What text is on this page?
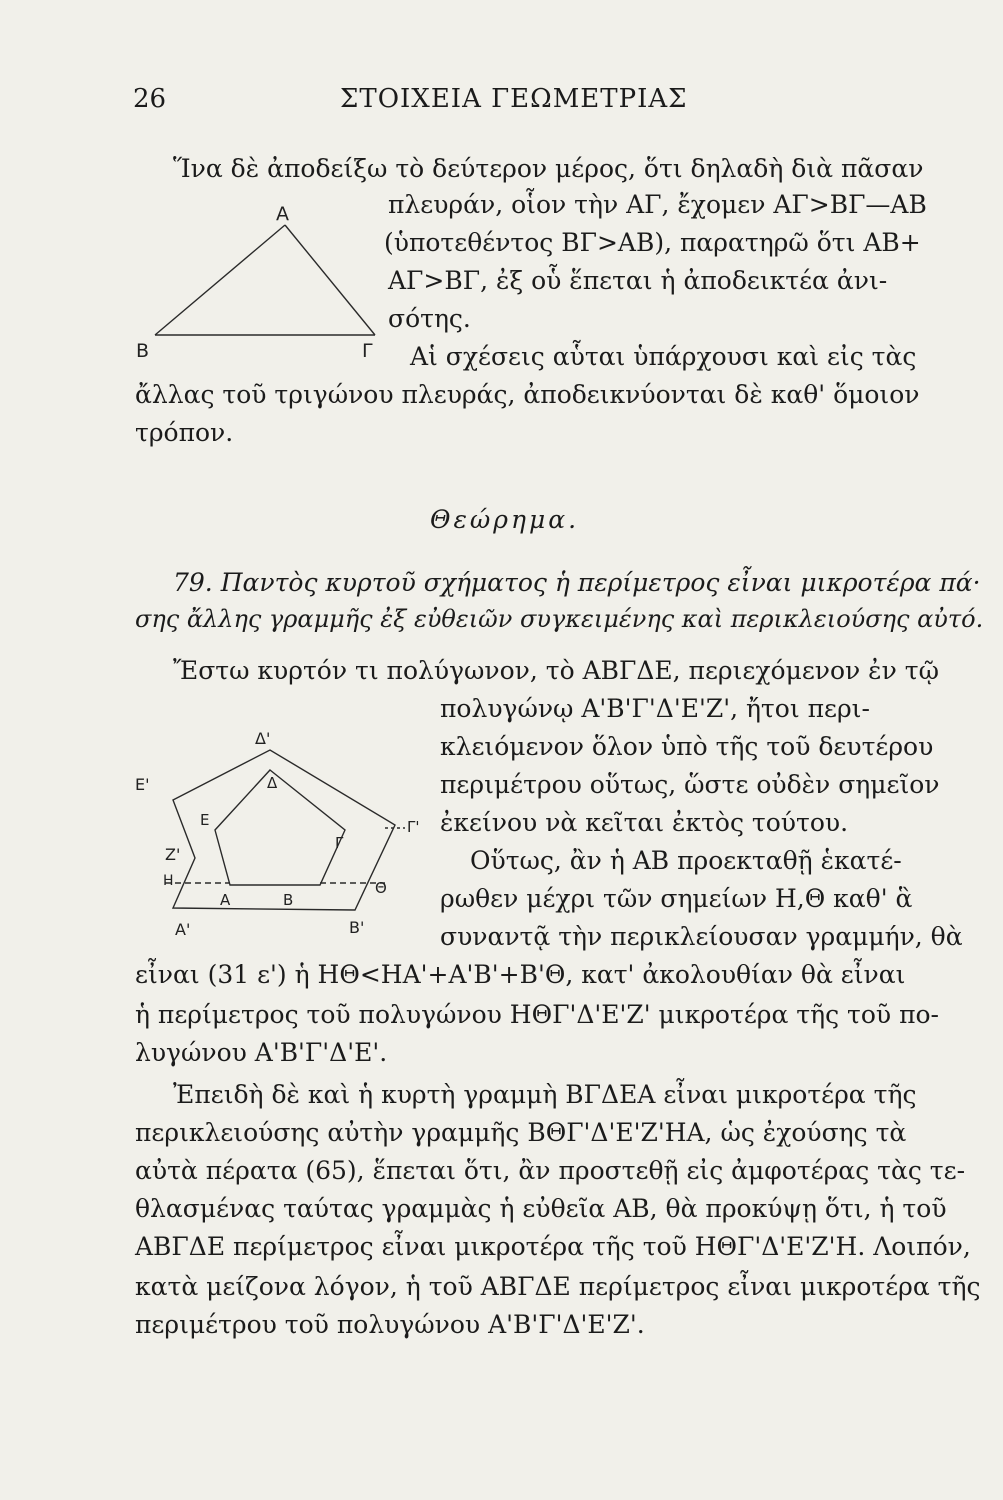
26	ΣΤΟΙΧΕΙΑ ΓΕΩΜΕΤΡΙΑΣ
Ἵνα δὲ ἀποδείξω τὸ δεύτερον μέρος, ὅτι δηλαδὴ διὰ πᾶσαν
πλευράν, οἷον τὴν ΑΓ, ἔχομεν ΑΓ>ΒΓ—ΑΒ
(ὑποτεθέντος ΒΓ>ΑΒ), παρατηρῶ ὅτι ΑΒ+
ΑΓ>ΒΓ, ἐξ οὗ ἕπεται ἡ ἀποδεικτέα ἀνι-
σότης.
Αἱ σχέσεις αὗται ὑπάρχουσι καὶ εἰς τὰς
ἄλλας τοῦ τριγώνου πλευράς, ἀποδεικνύονται δὲ καθ' ὅμοιον
τρόπον.
Θεώρημα.
79. Παντὸς κυρτοῦ σχήματος ἡ περίμετρος εἶναι μικροτέρα πά·
σης ἄλλης γραμμῆς ἐξ εὐθειῶν συγκειμένης καὶ περικλειούσης αὐτό.
Ἔστω κυρτόν τι πολύγωνον, τὸ ΑΒΓΔΕ, περιεχόμενον ἐν τῷ
πολυγώνῳ Α'Β'Γ'Δ'Ε'Ζ', ἤτοι περι-
κλειόμενον ὅλον ὑπὸ τῆς τοῦ δευτέρου
περιμέτρου οὕτως, ὥστε οὐδὲν σημεῖον
ἐκείνου νὰ κεῖται ἐκτὸς τούτου.
Οὕτως, ἂν ἡ ΑΒ προεκταθῇ ἑκατέ-
ρωθεν μέχρι τῶν σημείων Η,Θ καθ' ἃ
συναντᾷ τὴν περικλείουσαν γραμμήν, θὰ
εἶναι (31 ε') ἡ ΗΘ<ΗΑ'+Α'Β'+Β'Θ, κατ' ἀκολουθίαν θὰ εἶναι
ἡ περίμετρος τοῦ πολυγώνου ΗΘΓ'Δ'Ε'Ζ' μικροτέρα τῆς τοῦ πο-
λυγώνου Α'Β'Γ'Δ'Ε'.
Ἐπειδὴ δὲ καὶ ἡ κυρτὴ γραμμὴ ΒΓΔΕΑ εἶναι μικροτέρα τῆς
περικλειούσης αὐτὴν γραμμῆς ΒΘΓ'Δ'Ε'Ζ'ΗΑ, ὡς ἐχούσης τὰ
αὐτὰ πέρατα (65), ἕπεται ὅτι, ἂν προστεθῇ εἰς ἀμφοτέρας τὰς τε-
θλασμένας ταύτας γραμμὰς ἡ εὐθεῖα ΑΒ, θὰ προκύψῃ ὅτι, ἡ τοῦ
ΑΒΓΔΕ περίμετρος εἶναι μικροτέρα τῆς τοῦ ΗΘΓ'Δ'Ε'Ζ'Η. Λοιπόν,
κατὰ μείζονα λόγον, ἡ τοῦ ΑΒΓΔΕ περίμετρος εἶναι μικροτέρα τῆς
περιμέτρου τοῦ πολυγώνου Α'Β'Γ'Δ'Ε'Ζ'.
Α
Β	Γ
Δ'
Ε'	Δ
Ε
Γ
Γ'
Ζ'
Η
Α	Β
Θ
Α'	Β'
